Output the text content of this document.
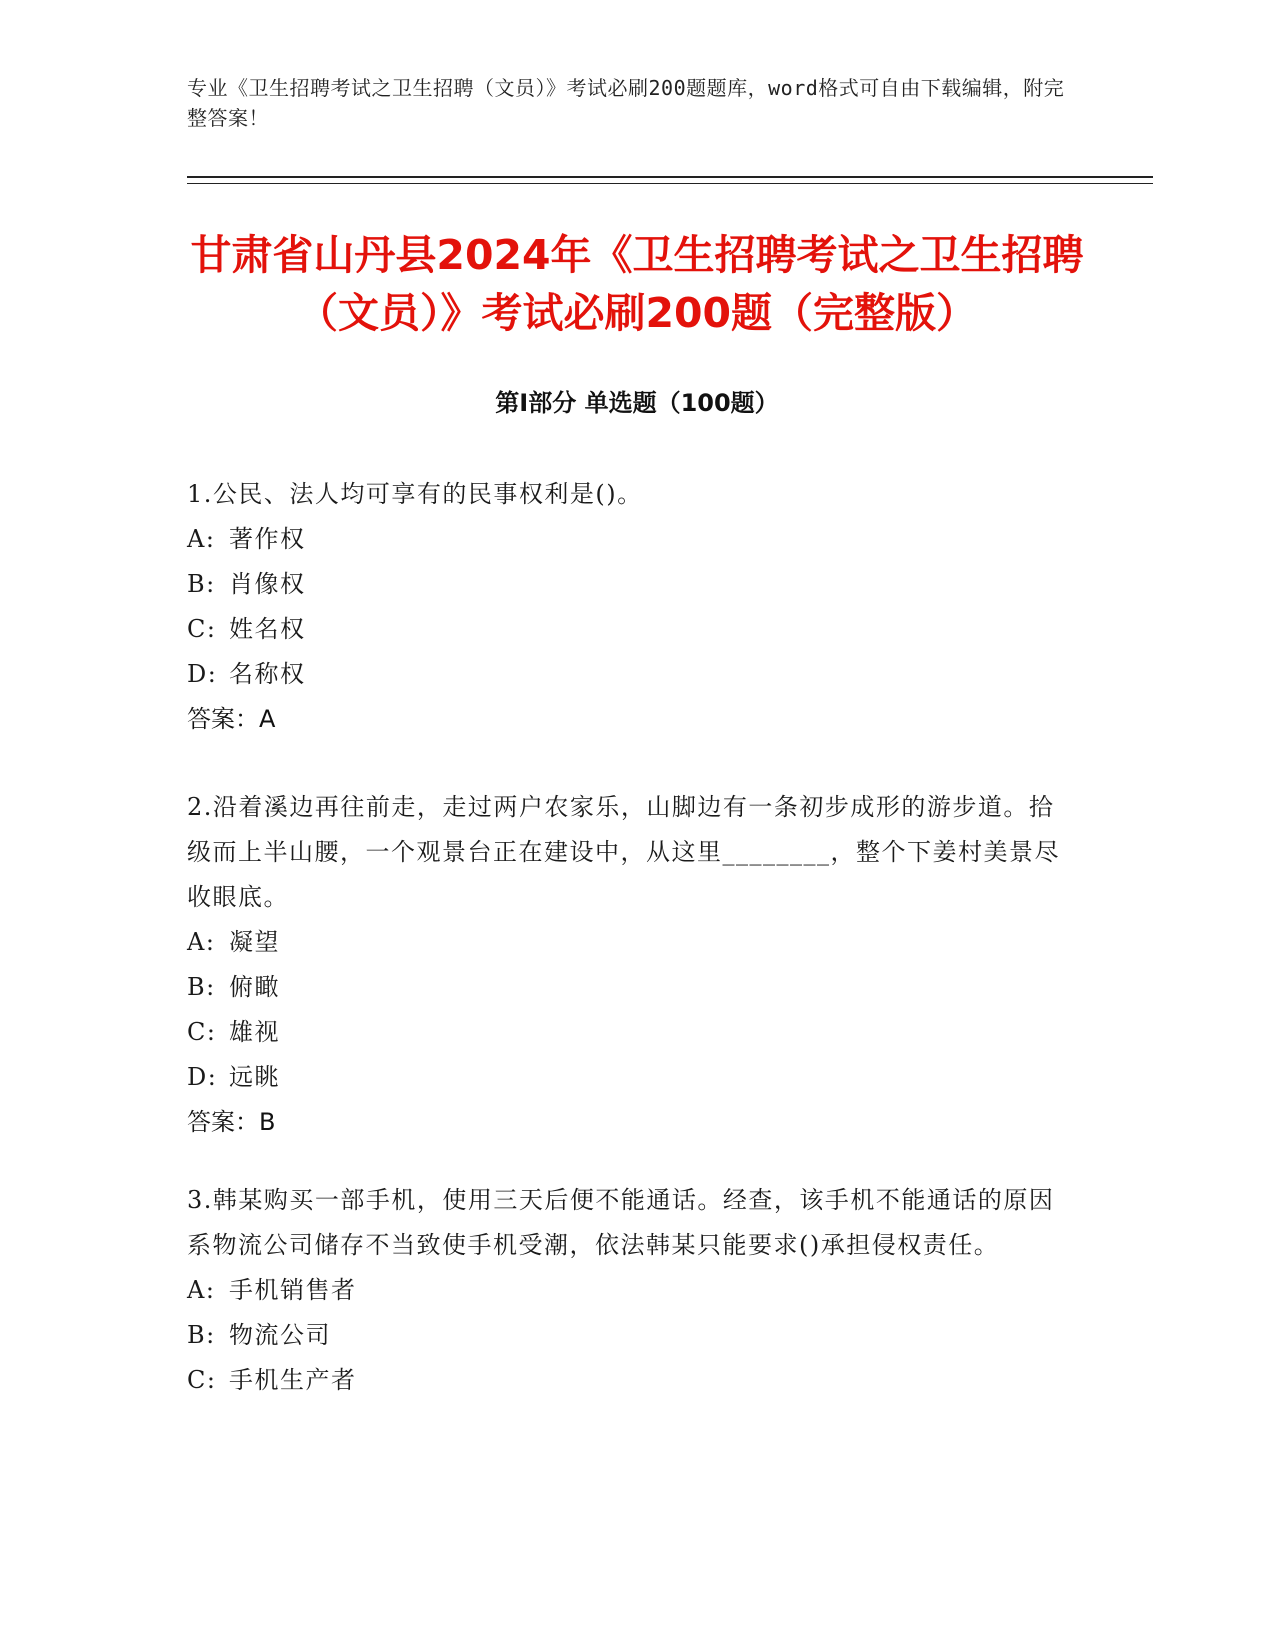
专业《卫生招聘考试之卫生招聘（文员）》考试必刷200题题库，word格式可自由下载编辑，附完整答案！
甘肃省山丹县2024年《卫生招聘考试之卫生招聘（文员）》考试必刷200题（完整版）
第Ⅰ部分 单选题（100题）
1.公民、法人均可享有的民事权利是()。
A: 著作权
B: 肖像权
C: 姓名权
D: 名称权
答案：A
2.沿着溪边再往前走，走过两户农家乐，山脚边有一条初步成形的游步道。拾级而上半山腰，一个观景台正在建设中，从这里________，整个下姜村美景尽收眼底。
A: 凝望
B: 俯瞰
C: 雄视
D: 远眺
答案：B
3.韩某购买一部手机，使用三天后便不能通话。经查，该手机不能通话的原因系物流公司储存不当致使手机受潮，依法韩某只能要求()承担侵权责任。
A: 手机销售者
B: 物流公司
C: 手机生产者
